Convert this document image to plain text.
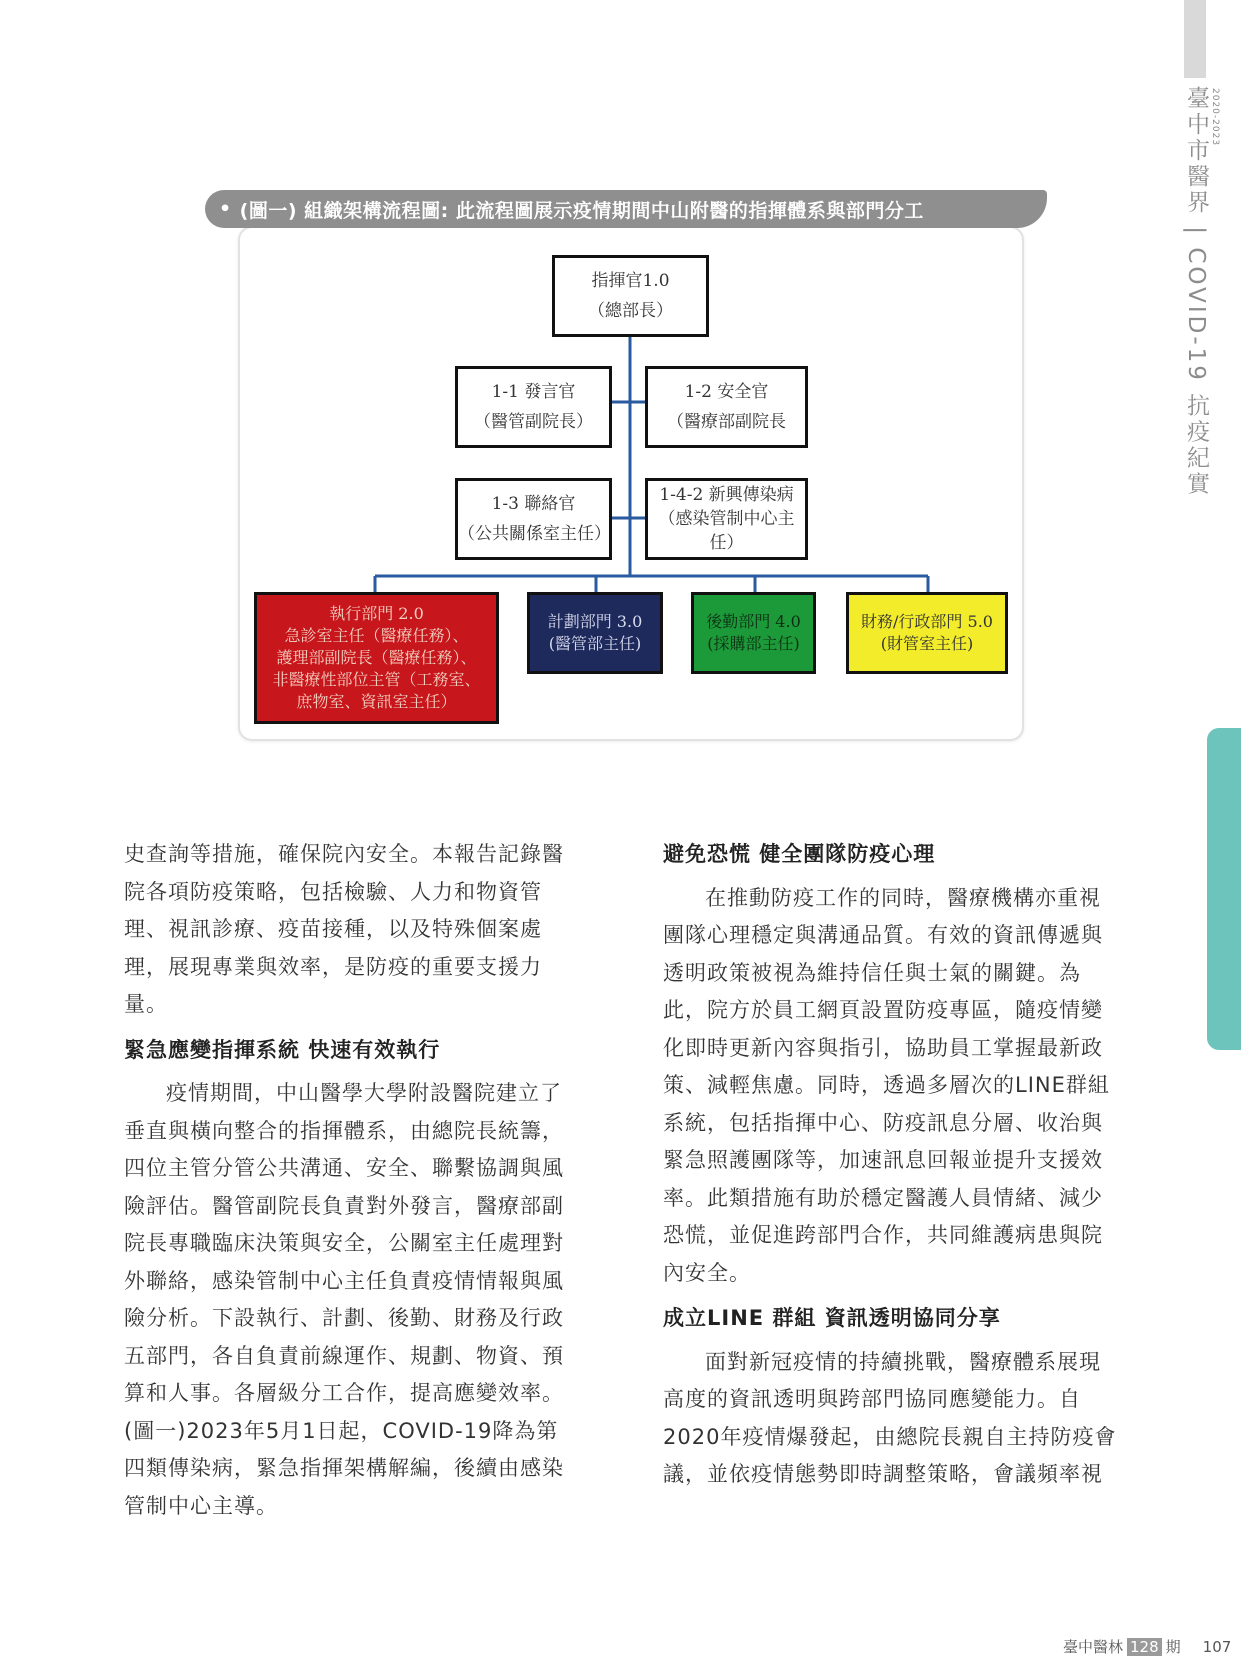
臺中市醫界 | COVID-19 抗疫紀實 2020-2023
• (圖一) 組織架構流程圖: 此流程圖展示疫情期間中山附醫的指揮體系與部門分工
指揮官1.0
（總部長）
1-1 發言官
（醫管副院長）
1-2 安全官
（醫療部副院長
1-3 聯絡官
（公共關係室主任）
1-4-2 新興傳染病
（感染管制中心主
任）
執行部門 2.0
急診室主任（醫療任務）、
護理部副院長（醫療任務）、
非醫療性部位主管（工務室、
庶物室、資訊室主任）
計劃部門 3.0
(醫管部主任)
後勤部門 4.0
(採購部主任)
財務/行政部門 5.0
(財管室主任)

史查詢等措施，確保院內安全。本報告記錄醫院各項防疫策略，包括檢驗、人力和物資管理、視訊診療、疫苗接種，以及特殊個案處理，展現專業與效率，是防疫的重要支援力量。

緊急應變指揮系統 快速有效執行

疫情期間，中山醫學大學附設醫院建立了垂直與橫向整合的指揮體系，由總院長統籌，四位主管分管公共溝通、安全、聯繫協調與風險評估。醫管副院長負責對外發言，醫療部副院長專職臨床決策與安全，公關室主任處理對外聯絡，感染管制中心主任負責疫情情報與風險分析。下設執行、計劃、後勤、財務及行政五部門，各自負責前線運作、規劃、物資、預算和人事。各層級分工合作，提高應變效率。(圖一)2023年5月1日起，COVID-19降為第四類傳染病，緊急指揮架構解編，後續由感染管制中心主導。

避免恐慌 健全團隊防疫心理

在推動防疫工作的同時，醫療機構亦重視團隊心理穩定與溝通品質。有效的資訊傳遞與透明政策被視為維持信任與士氣的關鍵。為此，院方於員工網頁設置防疫專區，隨疫情變化即時更新內容與指引，協助員工掌握最新政策、減輕焦慮。同時，透過多層次的LINE群組系統，包括指揮中心、防疫訊息分層、收治與緊急照護團隊等，加速訊息回報並提升支援效率。此類措施有助於穩定醫護人員情緒、減少恐慌，並促進跨部門合作，共同維護病患與院內安全。

成立LINE 群組 資訊透明協同分享

面對新冠疫情的持續挑戰，醫療體系展現高度的資訊透明與跨部門協同應變能力。自2020年疫情爆發起，由總院長親自主持防疫會議，並依疫情態勢即時調整策略，會議頻率視

臺中醫林 128 期 107
